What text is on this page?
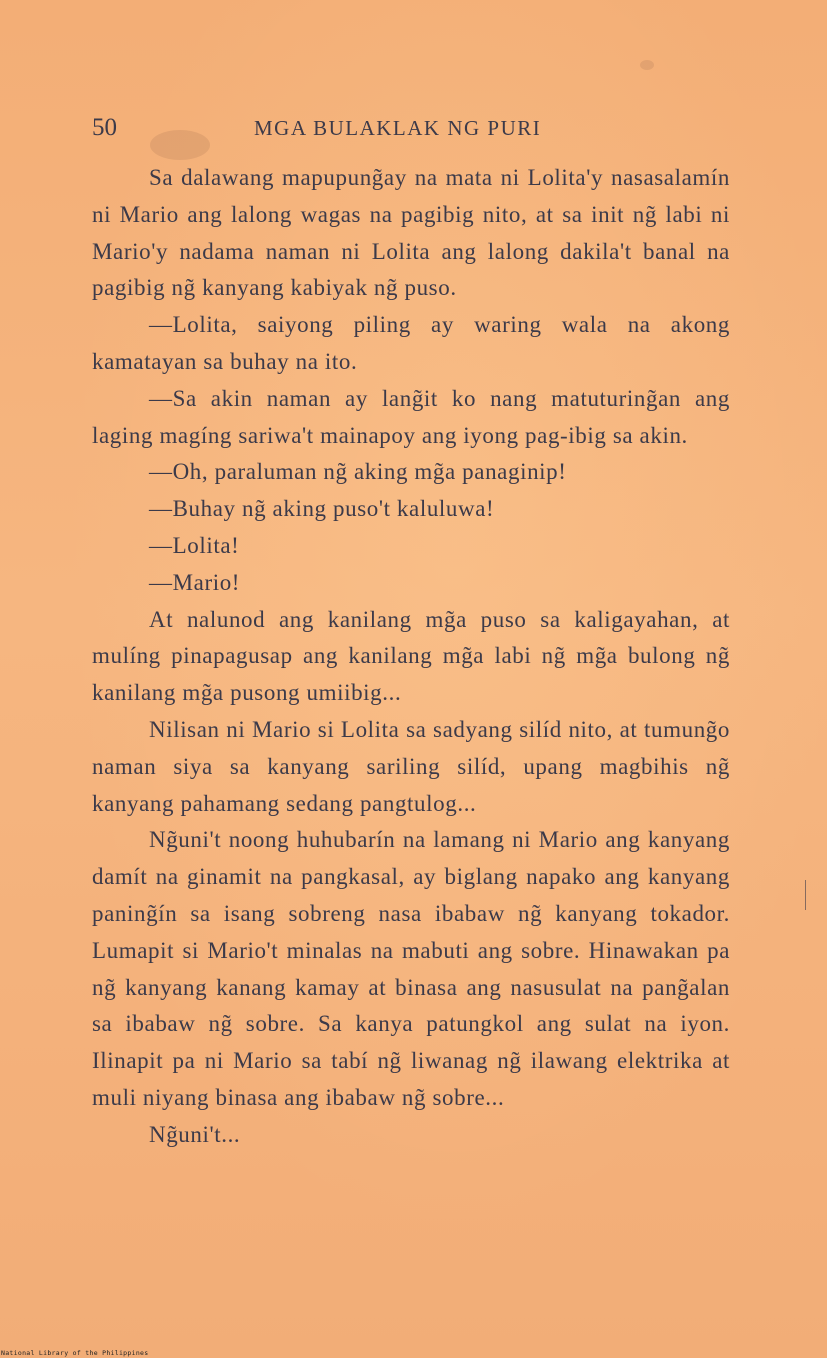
50	MGA BULAKLAK NG PURI

Sa dalawang mapupung̃ay na mata ni Lolita'y nasasalamín ni Mario ang lalong wagas na pagibig nito, at sa init ng̃ labi ni Mario'y nadama naman ni Lolita ang lalong dakila't banal na pagibig ng̃ kanyang kabiyak ng̃ puso.

—Lolita, saiyong piling ay waring wala na akong kamatayan sa buhay na ito.

—Sa akin naman ay lang̃it ko nang matuturing̃an ang laging magíng sariwa't mainapoy ang iyong pag-ibig sa akin.

—Oh, paraluman ng̃ aking mg̃a panaginip!

—Buhay ng̃ aking puso't kaluluwa!

—Lolita!

—Mario!

At nalunod ang kanilang mg̃a puso sa kaligayahan, at mulíng pinapagusap ang kanilang mg̃a labi ng̃ mg̃a bulong ng̃ kanilang mg̃a pusong umiibig...

Nilisan ni Mario si Lolita sa sadyang silíd nito, at tumung̃o naman siya sa kanyang sariling silíd, upang magbihis ng̃ kanyang pahamang sedang pangtulog...

Ng̃uni't noong huhubarín na lamang ni Mario ang kanyang damít na ginamit na pangkasal, ay biglang napako ang kanyang paning̃ín sa isang sobreng nasa ibabaw ng̃ kanyang tokador. Lumapit si Mario't minalas na mabuti ang sobre. Hinawakan pa ng̃ kanyang kanang kamay at binasa ang nasusulat na pang̃alan sa ibabaw ng̃ sobre. Sa kanya patungkol ang sulat na iyon. Ilinapit pa ni Mario sa tabí ng̃ liwanag ng̃ ilawang elektrika at muli niyang binasa ang ibabaw ng̃ sobre...

Ng̃uni't...

National Library of the Philippines
